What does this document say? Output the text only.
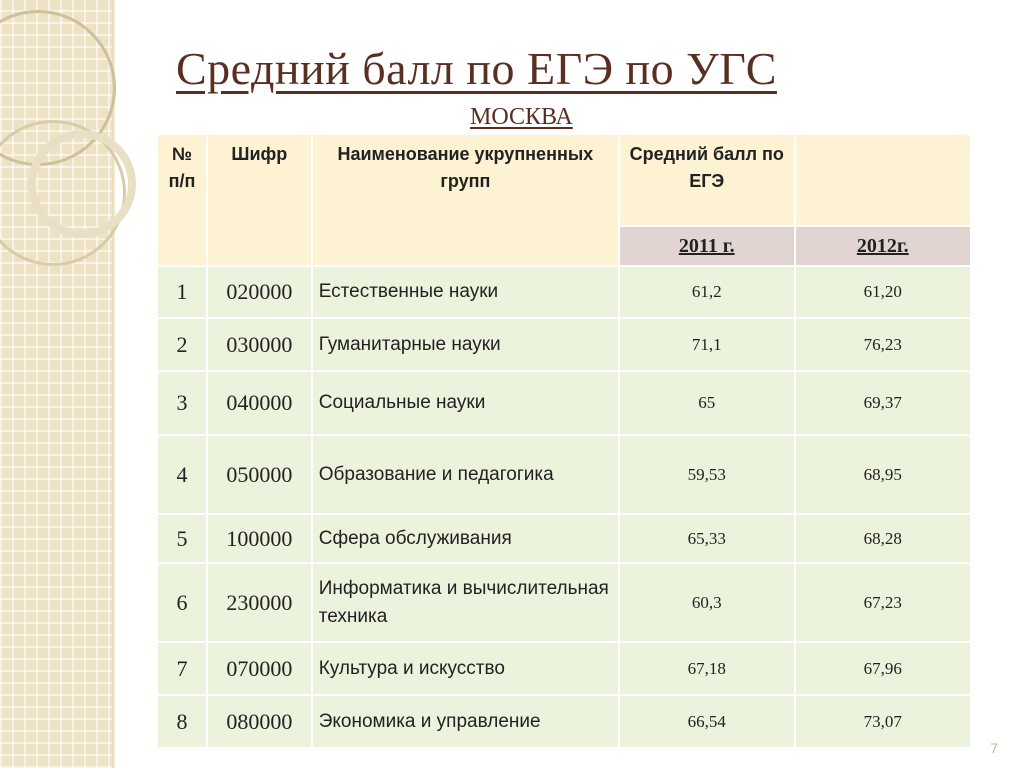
Средний балл по ЕГЭ по УГС
МОСКВА
№ п/п	Шифр	Наименование укрупненных групп	Средний балл по ЕГЭ	
			2011 г.	2012г.
1	020000	Естественные науки	61,2	61,20
2	030000	Гуманитарные науки	71,1	76,23
3	040000	Социальные науки	65	69,37
4	050000	Образование и педагогика	59,53	68,95
5	100000	Сфера обслуживания	65,33	68,28
6	230000	Информатика и вычислительная техника	60,3	67,23
7	070000	Культура и искусство	67,18	67,96
8	080000	Экономика и управление	66,54	73,07
7
